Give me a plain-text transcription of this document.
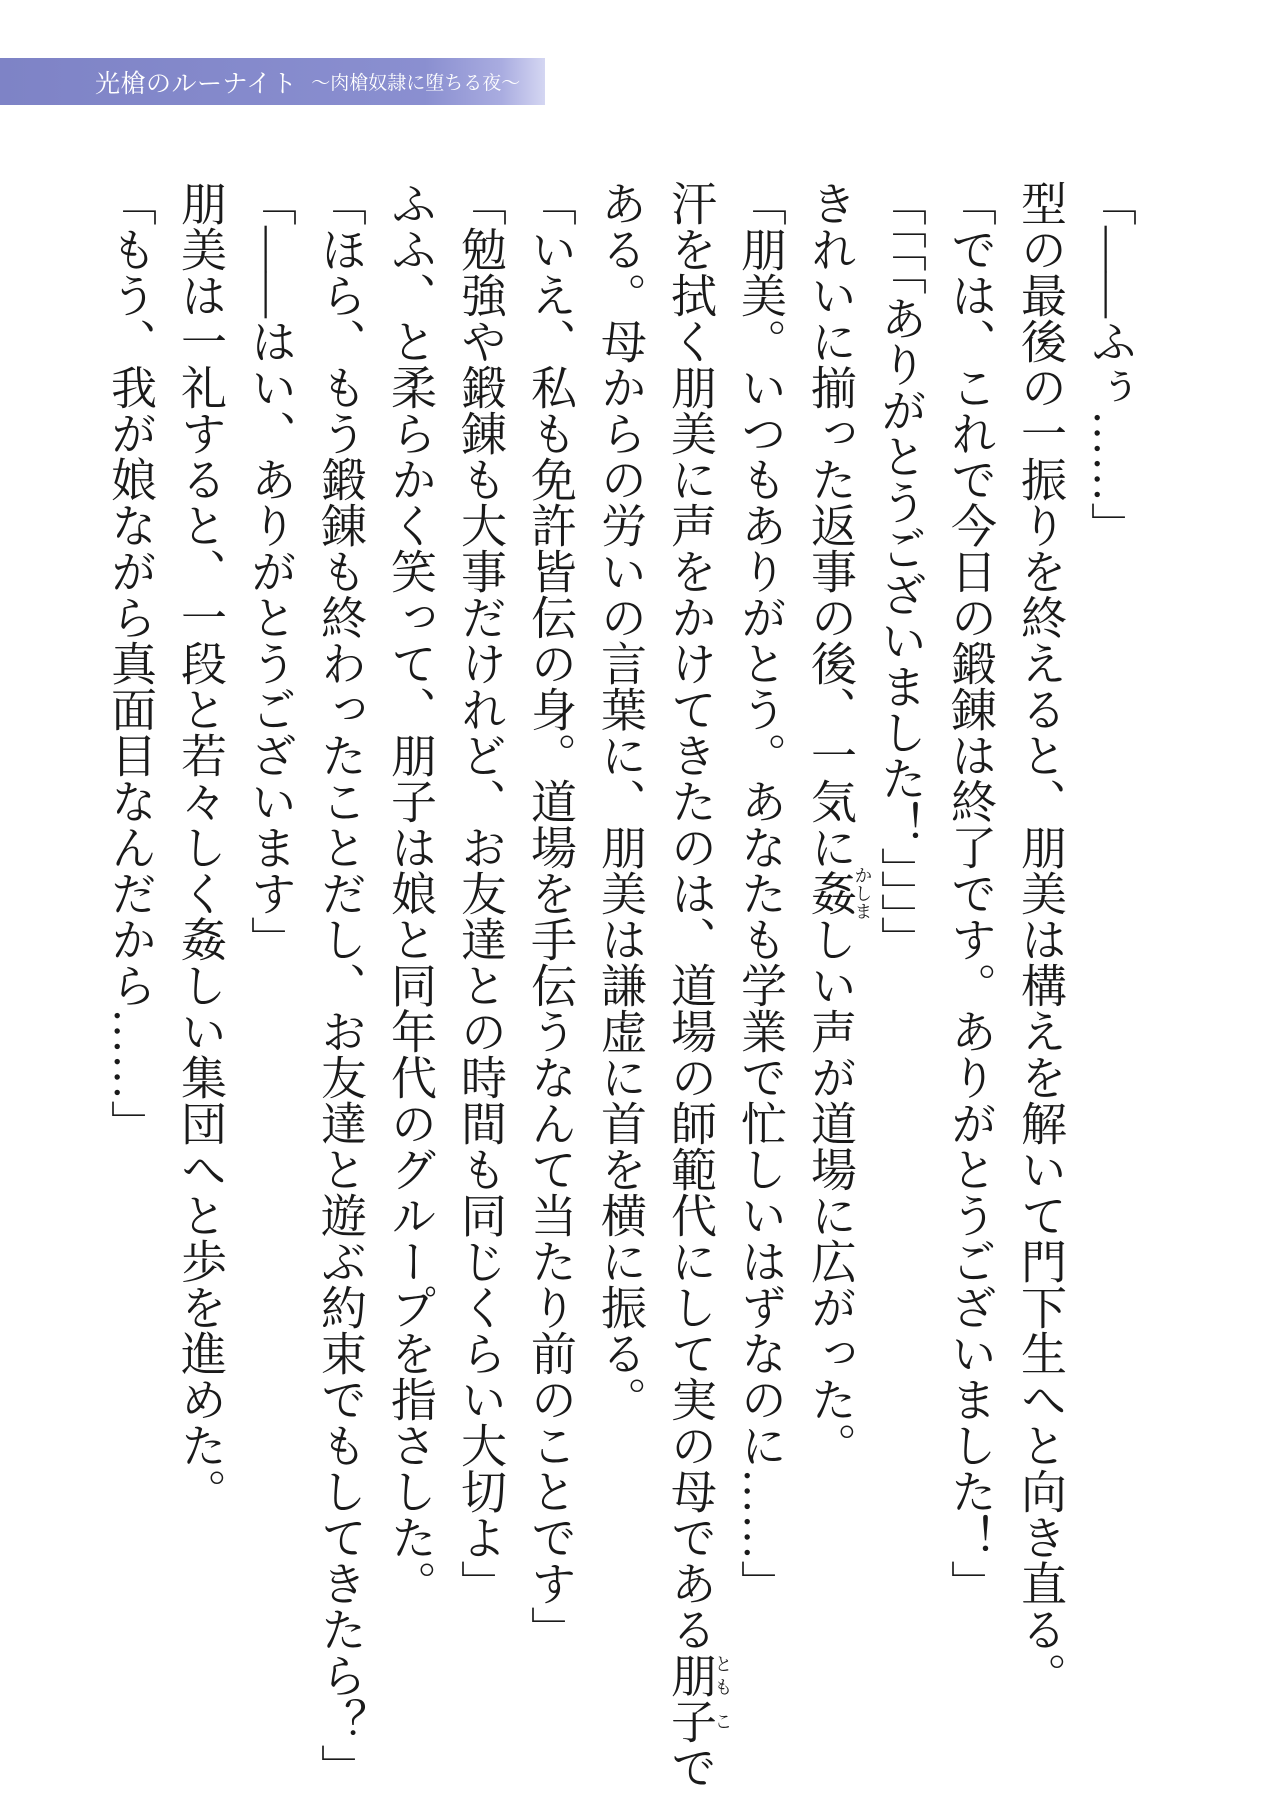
光槍のルーナイト 〜肉槍奴隷に堕ちる夜〜
「――ふぅ……」
型の最後の一振りを終えると、朋美は構えを解いて門下生へと向き直る。
「では、これで今日の鍛錬は終了です。ありがとうございました！」
「「「「ありがとうございました！」」」」
きれいに揃った返事の後、一気に姦かしましい声が道場に広がった。
「朋美。いつもありがとう。あなたも学業で忙しいはずなのに……」
汗を拭く朋美に声をかけてきたのは、道場の師範代にして実の母である朋とも子こで
ある。母からの労いの言葉に、朋美は謙虚に首を横に振る。
「いえ、私も免許皆伝の身。道場を手伝うなんて当たり前のことです」
「勉強や鍛錬も大事だけれど、お友達との時間も同じくらい大切よ」
ふふ、と柔らかく笑って、朋子は娘と同年代のグループを指さした。
「ほら、もう鍛錬も終わったことだし、お友達と遊ぶ約束でもしてきたら？」
「――はい、ありがとうございます」
朋美は一礼すると、一段と若々しく姦しい集団へと歩を進めた。
「もう、我が娘ながら真面目なんだから……」
